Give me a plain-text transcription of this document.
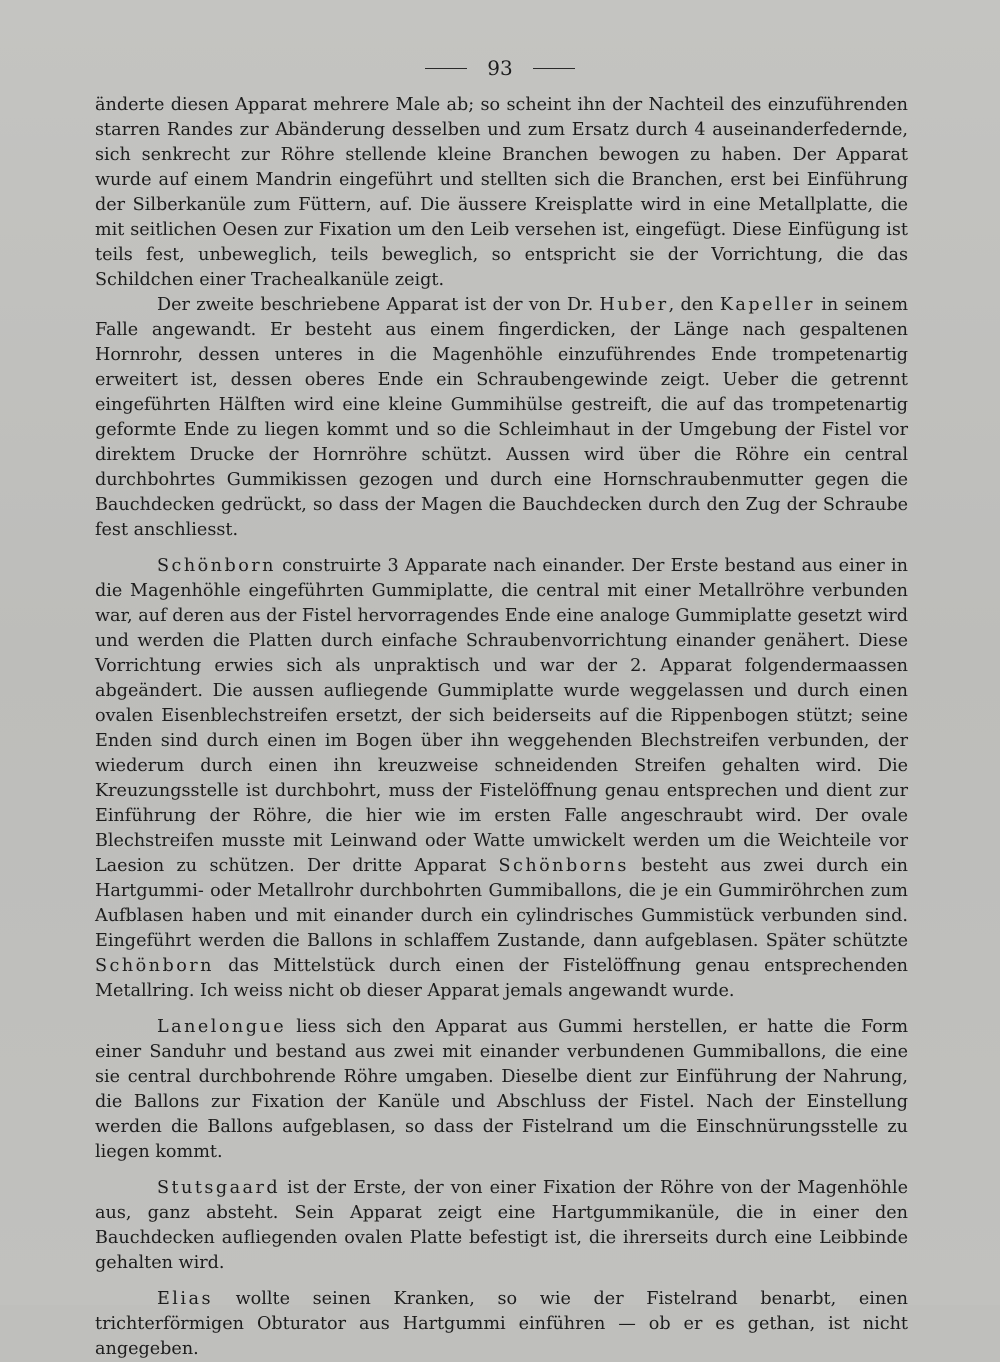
93

änderte diesen Apparat mehrere Male ab; so scheint ihn der Nachteil des einzuführenden starren Randes zur Abänderung desselben und zum Ersatz durch 4 auseinanderfedernde, sich senkrecht zur Röhre stellende kleine Branchen bewogen zu haben. Der Apparat wurde auf einem Mandrin eingeführt und stellten sich die Branchen, erst bei Einführung der Silberkanüle zum Füttern, auf. Die äussere Kreisplatte wird in eine Metallplatte, die mit seitlichen Oesen zur Fixation um den Leib versehen ist, eingefügt. Diese Einfügung ist teils fest, unbeweglich, teils beweglich, so entspricht sie der Vorrichtung, die das Schildchen einer Trachealkanüle zeigt.

Der zweite beschriebene Apparat ist der von Dr. Huber, den Kapeller in seinem Falle angewandt. Er besteht aus einem fingerdicken, der Länge nach gespaltenen Hornrohr, dessen unteres in die Magenhöhle einzuführendes Ende trompetenartig erweitert ist, dessen oberes Ende ein Schraubengewinde zeigt. Ueber die getrennt eingeführten Hälften wird eine kleine Gummihülse gestreift, die auf das trompetenartig geformte Ende zu liegen kommt und so die Schleimhaut in der Umgebung der Fistel vor direktem Drucke der Hornröhre schützt. Aussen wird über die Röhre ein central durchbohrtes Gummikissen gezogen und durch eine Hornschraubenmutter gegen die Bauchdecken gedrückt, so dass der Magen die Bauchdecken durch den Zug der Schraube fest anschliesst.

Schönborn construirte 3 Apparate nach einander. Der Erste bestand aus einer in die Magenhöhle eingeführten Gummiplatte, die central mit einer Metallröhre verbunden war, auf deren aus der Fistel hervorragendes Ende eine analoge Gummiplatte gesetzt wird und werden die Platten durch einfache Schraubenvorrichtung einander genähert. Diese Vorrichtung erwies sich als unpraktisch und war der 2. Apparat folgendermaassen abgeändert. Die aussen aufliegende Gummiplatte wurde weggelassen und durch einen ovalen Eisenblechstreifen ersetzt, der sich beiderseits auf die Rippenbogen stützt; seine Enden sind durch einen im Bogen über ihn weggehenden Blechstreifen verbunden, der wiederum durch einen ihn kreuzweise schneidenden Streifen gehalten wird. Die Kreuzungsstelle ist durchbohrt, muss der Fistelöffnung genau entsprechen und dient zur Einführung der Röhre, die hier wie im ersten Falle angeschraubt wird. Der ovale Blechstreifen musste mit Leinwand oder Watte umwickelt werden um die Weichteile vor Laesion zu schützen. Der dritte Apparat Schönborns besteht aus zwei durch ein Hartgummi- oder Metallrohr durchbohrten Gummiballons, die je ein Gummiröhrchen zum Aufblasen haben und mit einander durch ein cylindrisches Gummistück verbunden sind. Eingeführt werden die Ballons in schlaffem Zustande, dann aufgeblasen. Später schützte Schönborn das Mittelstück durch einen der Fistelöffnung genau entsprechenden Metallring. Ich weiss nicht ob dieser Apparat jemals angewandt wurde.

Lanelongue liess sich den Apparat aus Gummi herstellen, er hatte die Form einer Sanduhr und bestand aus zwei mit einander verbundenen Gummiballons, die eine sie central durchbohrende Röhre umgaben. Dieselbe dient zur Einführung der Nahrung, die Ballons zur Fixation der Kanüle und Abschluss der Fistel. Nach der Einstellung werden die Ballons aufgeblasen, so dass der Fistelrand um die Einschnürungsstelle zu liegen kommt.

Stutsgaard ist der Erste, der von einer Fixation der Röhre von der Magenhöhle aus, ganz absteht. Sein Apparat zeigt eine Hartgummikanüle, die in einer den Bauchdecken aufliegenden ovalen Platte befestigt ist, die ihrerseits durch eine Leibbinde gehalten wird.

Elias wollte seinen Kranken, so wie der Fistelrand benarbt, einen trichterförmigen Obturator aus Hartgummi einführen — ob er es gethan, ist nicht angegeben.
